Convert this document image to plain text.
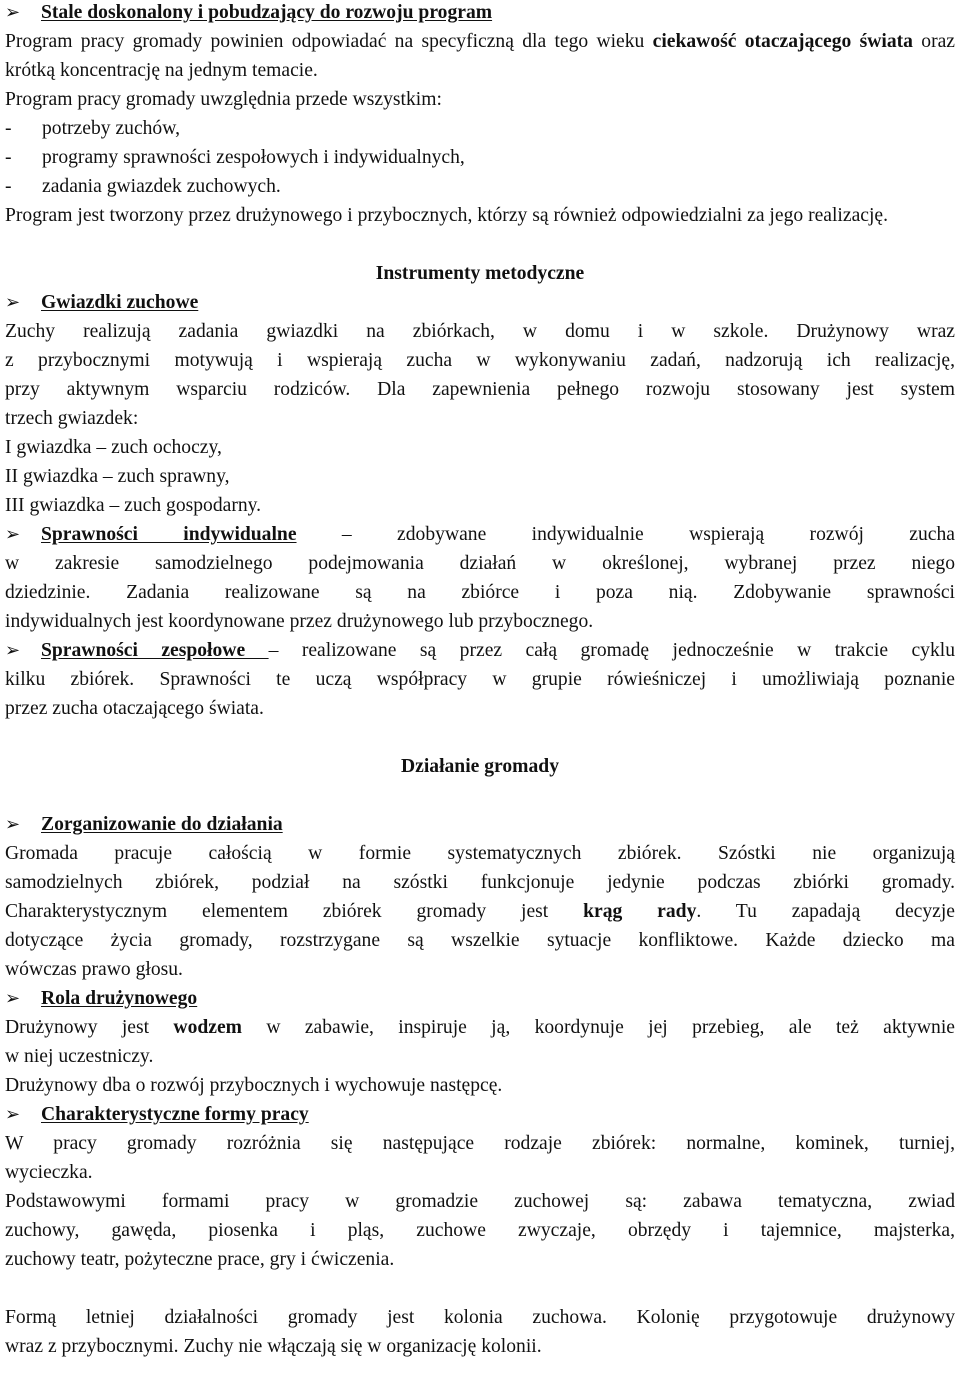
➢ Stale doskonalony i pobudzający do rozwoju program

Program pracy gromady powinien odpowiadać na specyficzną dla tego wieku ciekawość otaczającego świata oraz krótką koncentrację na jednym temacie.

Program pracy gromady uwzględnia przede wszystkim:

- potrzeby zuchów,

- programy sprawności zespołowych i indywidualnych,

- zadania gwiazdek zuchowych.

Program jest tworzony przez drużynowego i przybocznych, którzy są również odpowiedzialni za jego realizację.

Instrumenty metodyczne

➢ Gwiazdki zuchowe

Zuchy realizują zadania gwiazdki na zbiórkach, w domu i w szkole. Drużynowy wraz

z przybocznymi motywują i wspierają zucha w wykonywaniu zadań, nadzorują ich realizację,

przy aktywnym wsparciu rodziców. Dla zapewnienia pełnego rozwoju stosowany jest system

trzech gwiazdek:

I gwiazdka – zuch ochoczy,

II gwiazdka – zuch sprawny,

III gwiazdka – zuch gospodarny.

➢ Sprawności indywidualne – zdobywane indywidualnie wspierają rozwój zucha

w zakresie samodzielnego podejmowania działań w określonej, wybranej przez niego

dziedzinie. Zadania realizowane są na zbiórce i poza nią. Zdobywanie sprawności

indywidualnych jest koordynowane przez drużynowego lub przybocznego.

➢ Sprawności zespołowe – realizowane są przez całą gromadę jednocześnie w trakcie cyklu

kilku zbiórek. Sprawności te uczą współpracy w grupie rówieśniczej i umożliwiają poznanie

przez zucha otaczającego świata.

Działanie gromady

➢ Zorganizowanie do działania

Gromada pracuje całością w formie systematycznych zbiórek. Szóstki nie organizują

samodzielnych zbiórek, podział na szóstki funkcjonuje jedynie podczas zbiórki gromady.

Charakterystycznym elementem zbiórek gromady jest krąg rady. Tu zapadają decyzje

dotyczące życia gromady, rozstrzygane są wszelkie sytuacje konfliktowe. Każde dziecko ma

wówczas prawo głosu.

➢ Rola drużynowego

Drużynowy jest wodzem w zabawie, inspiruje ją, koordynuje jej przebieg, ale też aktywnie

w niej uczestniczy.

Drużynowy dba o rozwój przybocznych i wychowuje następcę.

➢ Charakterystyczne formy pracy

W pracy gromady rozróżnia się następujące rodzaje zbiórek: normalne, kominek, turniej,

wycieczka.

Podstawowymi formami pracy w gromadzie zuchowej są: zabawa tematyczna, zwiad

zuchowy, gawęda, piosenka i pląs, zuchowe zwyczaje, obrzędy i tajemnice, majsterka,

zuchowy teatr, pożyteczne prace, gry i ćwiczenia.

Formą letniej działalności gromady jest kolonia zuchowa. Kolonię przygotowuje drużynowy

wraz z przybocznymi. Zuchy nie włączają się w organizację kolonii.
